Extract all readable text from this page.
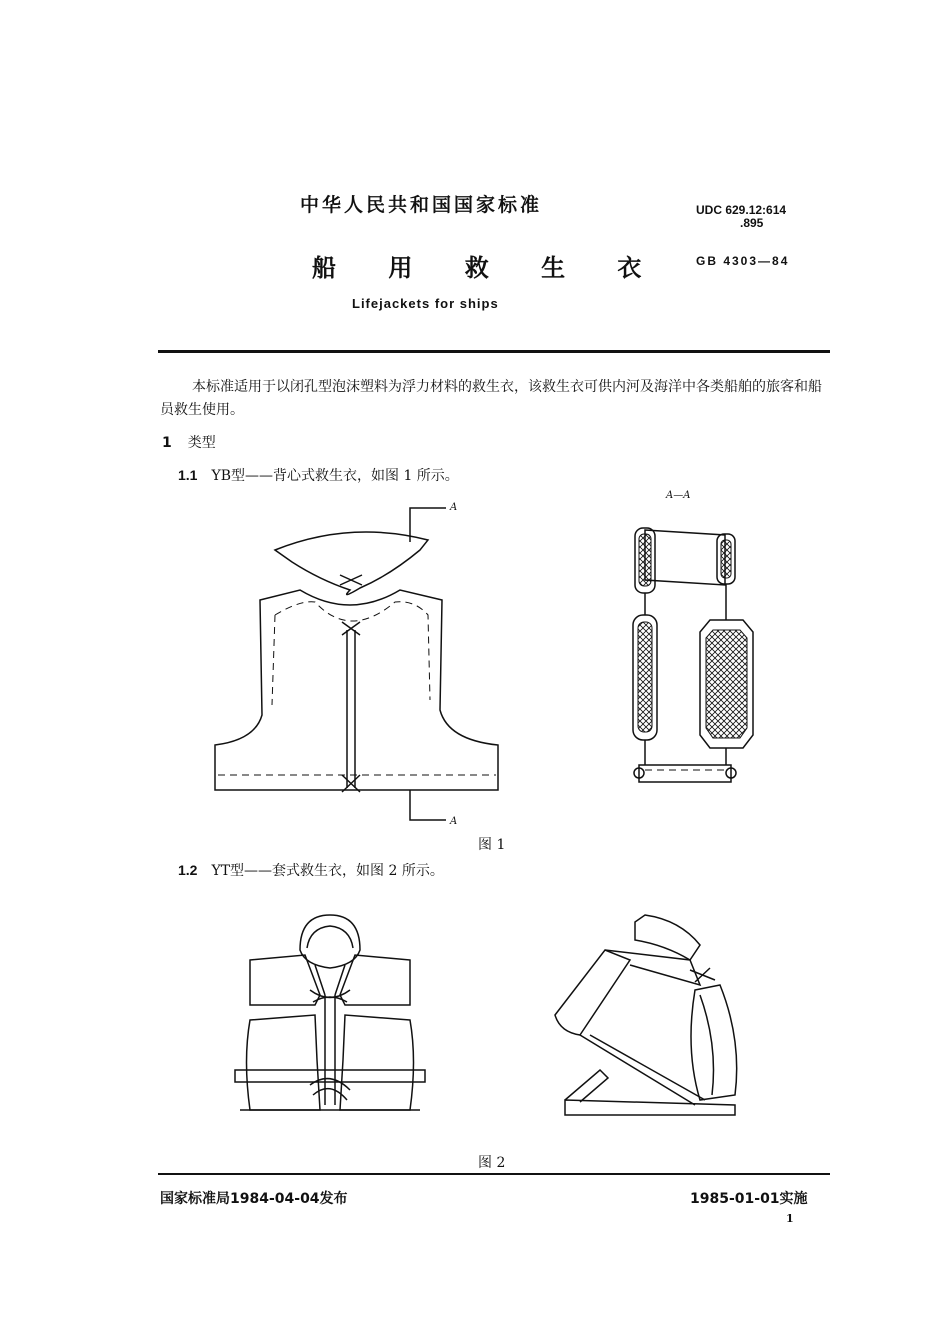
中华人民共和国国家标准
船 用 救 生 衣
Lifejackets for ships
UDC 629.12:614
.895
GB 4303—84
本标准适用于以闭孔型泡沫塑料为浮力材料的救生衣，该救生衣可供内河及海洋中各类船舶的旅客和船员救生使用。
1 类型
1.1 YB型——背心式救生衣，如图 1 所示。
A
A
A—A
图 1
1.2 YT型——套式救生衣，如图 2 所示。
图 2
国家标准局1984-04-04发布	1985-01-01实施
1
